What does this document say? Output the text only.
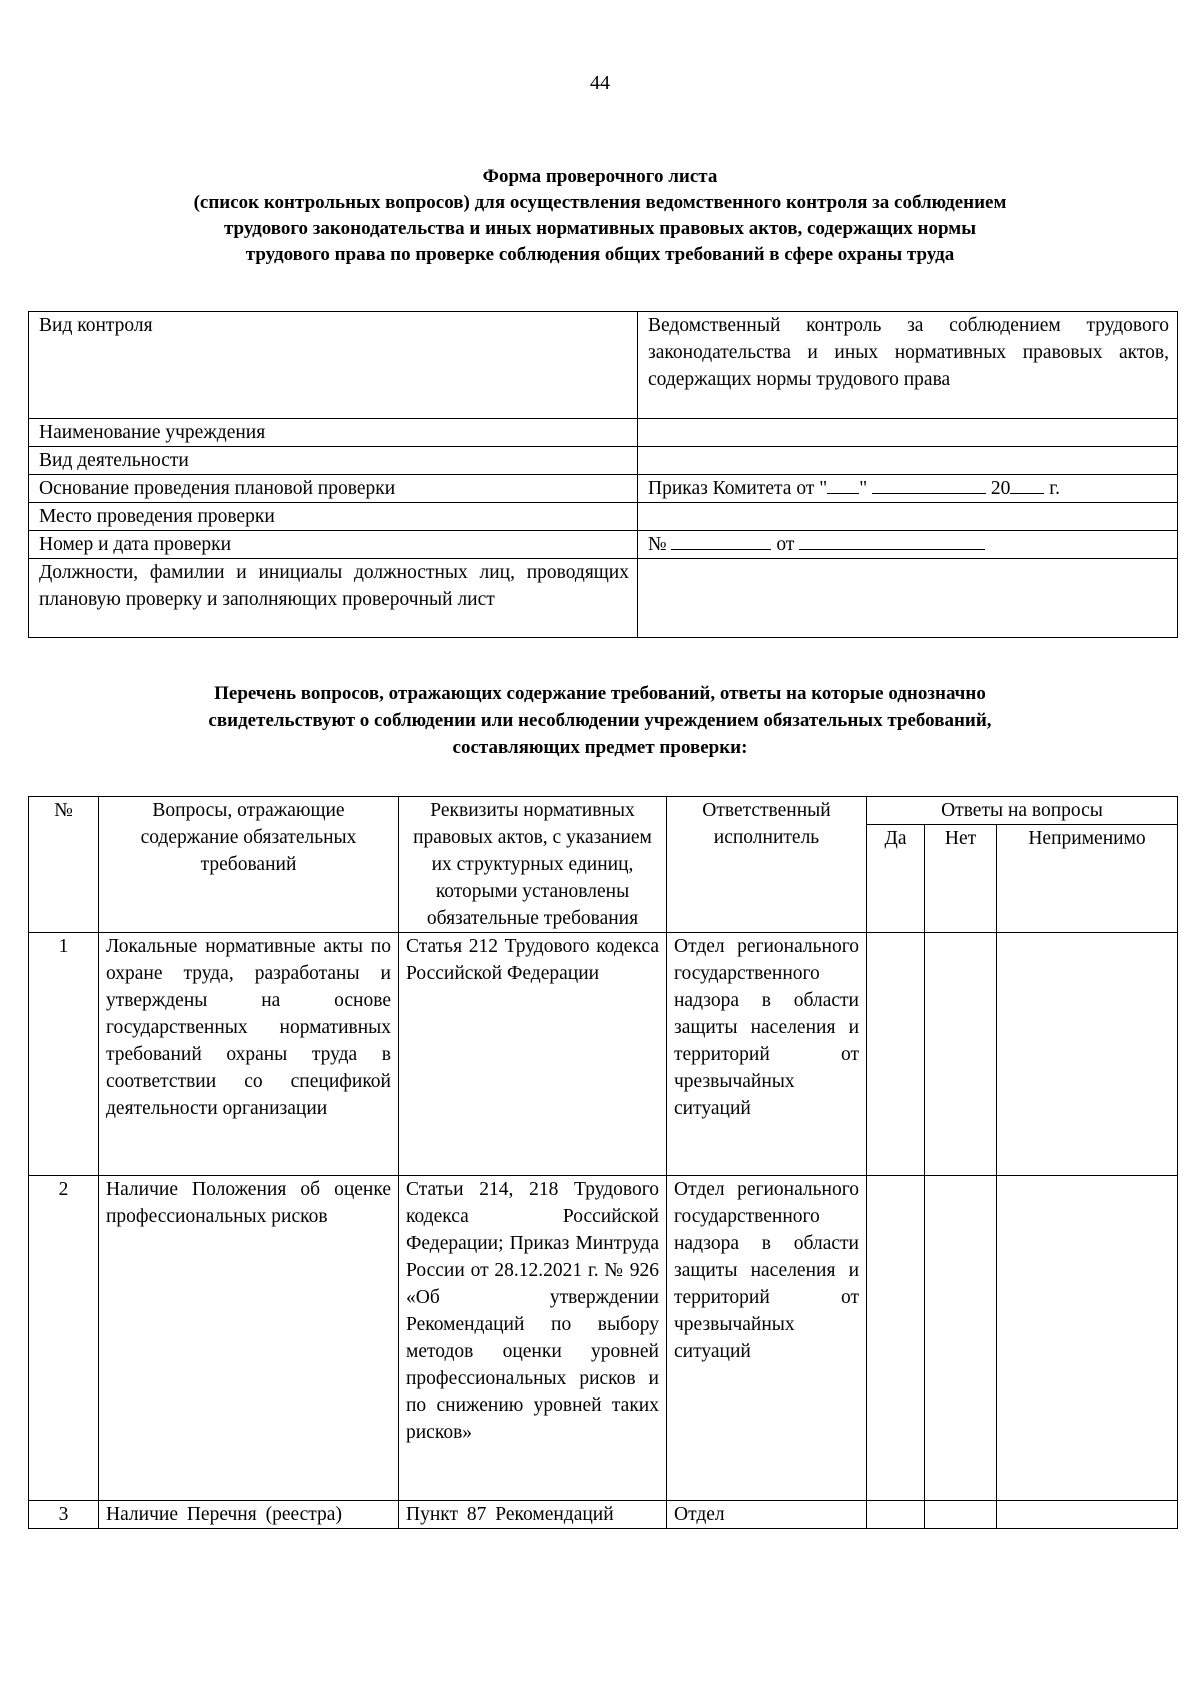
44
Форма проверочного листа
(список контрольных вопросов) для осуществления ведомственного контроля за соблюдением
трудового законодательства и иных нормативных правовых актов, содержащих нормы
трудового права по проверке соблюдения общих требований в сфере охраны труда
Вид контроля	Ведомственный контроль за соблюдением трудового законодательства и иных нормативных правовых актов, содержащих нормы трудового права
Наименование учреждения	
Вид деятельности	
Основание проведения плановой проверки	Приказ Комитета от " " 20 г.
Место проведения проверки	
Номер и дата проверки	№ от
Должности, фамилии и инициалы должностных лиц, проводящих плановую проверку и заполняющих проверочный лист	
Перечень вопросов, отражающих содержание требований, ответы на которые однозначно
свидетельствуют о соблюдении или несоблюдении учреждением обязательных требований,
составляющих предмет проверки:
№	Вопросы, отражающие содержание обязательных требований	Реквизиты нормативных правовых актов, с указанием их структурных единиц, которыми установлены обязательные требования	Ответственный исполнитель	Ответы на вопросы		
				Да	Нет	Неприменимо
1	Локальные нормативные акты по охране труда, разработаны и утверждены на основе государственных нормативных требований охраны труда в соответствии со спецификой деятельности организации	Статья 212 Трудового кодекса Российской Федерации	Отдел регионального государственного надзора в области защиты населения и территорий от чрезвычайных ситуаций			
2	Наличие Положения об оценке профессиональных рисков	Статьи 214, 218 Трудового кодекса Российской Федерации; Приказ Минтруда России от 28.12.2021 г. № 926 «Об утверждении Рекомендаций по выбору методов оценки уровней профессиональных рисков и по снижению уровней таких рисков»	Отдел регионального государственного надзора в области защиты населения и территорий от чрезвычайных ситуаций			
3	Наличие Перечня (реестра)	Пункт 87 Рекомендаций	Отдел			
